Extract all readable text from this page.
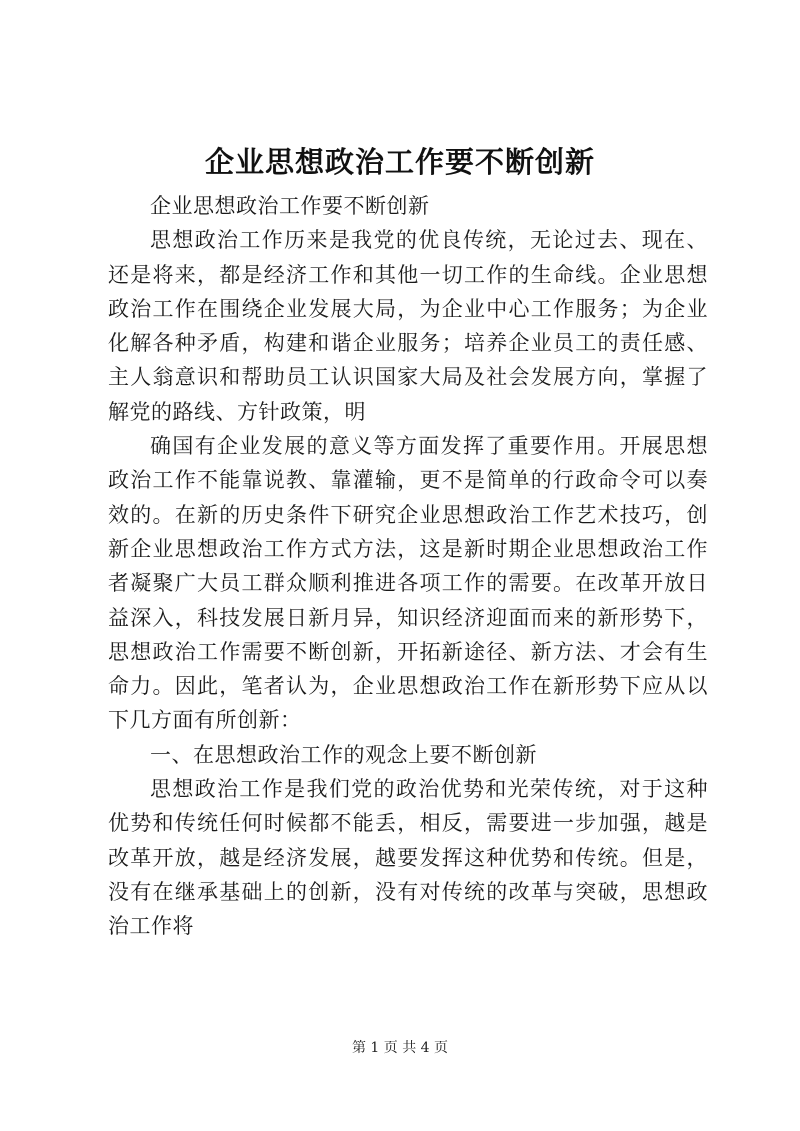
企业思想政治工作要不断创新

企业思想政治工作要不断创新

思想政治工作历来是我党的优良传统，无论过去、现在、还是将来，都是经济工作和其他一切工作的生命线。企业思想政治工作在围绕企业发展大局，为企业中心工作服务；为企业化解各种矛盾，构建和谐企业服务；培养企业员工的责任感、主人翁意识和帮助员工认识国家大局及社会发展方向，掌握了解党的路线、方针政策，明

确国有企业发展的意义等方面发挥了重要作用。开展思想政治工作不能靠说教、靠灌输，更不是简单的行政命令可以奏效的。在新的历史条件下研究企业思想政治工作艺术技巧，创新企业思想政治工作方式方法，这是新时期企业思想政治工作者凝聚广大员工群众顺利推进各项工作的需要。在改革开放日益深入，科技发展日新月异，知识经济迎面而来的新形势下，思想政治工作需要不断创新，开拓新途径、新方法、才会有生命力。因此，笔者认为，企业思想政治工作在新形势下应从以下几方面有所创新：

一、在思想政治工作的观念上要不断创新

思想政治工作是我们党的政治优势和光荣传统，对于这种优势和传统任何时候都不能丢，相反，需要进一步加强，越是改革开放，越是经济发展，越要发挥这种优势和传统。但是，没有在继承基础上的创新，没有对传统的改革与突破，思想政治工作将

第 1 页 共 4 页
